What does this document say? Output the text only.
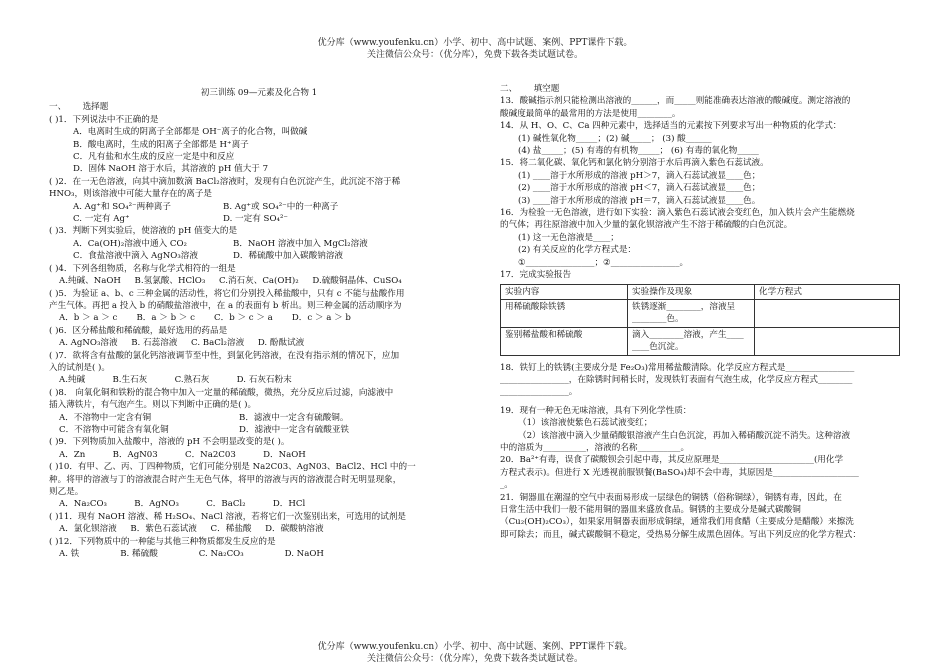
优分库（www.youfenku.cn）小学、初中、高中试题、案例、PPT课件下载。
关注微信公众号：（优分库），免费下载各类试题试卷。
初三训练 09—元素及化合物 1
一、      选择题
( )1．下列说法中不正确的是
A．电离时生成的阴离子全部都是 OH⁻离子的化合物，叫做碱
B．酸电离时，生成的阳离子全部都是 H⁺离子
C．凡有盐和水生成的反应一定是中和反应
D．固体 NaOH 溶于水后，其溶液的 pH 值大于 7
( )2．在一无色溶液，向其中滴加数滴 BaCl₂溶液时，发现有白色沉淀产生，此沉淀不溶于稀
HNO₃，则该溶液中可能大量存在的离子是
A. Ag⁺和 SO₄²⁻两种离子	B. Ag⁺或 SO₄²⁻中的一种离子
C. 一定有 Ag⁺	D. 一定有 SO₄²⁻
( )3．判断下列实验后，使溶液的 pH 值变大的是
A．Ca(OH)₂溶液中通入 CO₂	B．NaOH 溶液中加入 MgCl₂溶液
C．食盐溶液中滴入 AgNO₃溶液	D．稀硫酸中加入碳酸钠溶液
( )4．下列各组物质，名称与化学式相符的一组是
A.纯碱、NaOH     B.氢氯酸、HClO₃     C.消石灰、Ca(OH)₂     D.硫酸铜晶体、CuSO₄
( )5．为验证 a、b、c 三种金属的活动性，将它们分别投入稀盐酸中，只有 c 不能与盐酸作用
产生气体。再把 a 投入 b 的硝酸盐溶液中，在 a 的表面有 b 析出。则三种金属的活动顺序为
A．b ＞ a ＞ c       B．a ＞ b ＞ c       C．b ＞ c ＞ a       D．c ＞ a ＞ b
( )6．区分稀盐酸和稀硫酸，最好选用的药品是
A. AgNO₃溶液     B. 石蕊溶液     C. BaCl₂溶液     D. 酚酞试液
( )7．欲将含有盐酸的氯化钙溶液调节至中性，到氯化钙溶液，在没有指示剂的情况下，应加
入的试剂是( )。
A.纯碱          B.生石灰          C.熟石灰          D. 石灰石粉末
( )8． 向氧化铜和铁粉的混合物中加入一定量的稀硫酸，微热，充分反应后过滤，向滤液中
插入薄铁片，有气泡产生。则以下判断中正确的是( )。
A．不溶物中一定含有铜	B．滤液中一定含有硫酸铜。
C．不溶物中可能含有氧化铜	D．滤液中一定含有硫酸亚铁
( )9．下列物质加入盐酸中，溶液的 pH 不会明显改变的是( )。
A．Zn          B．AgN03          C．Na2C03          D．NaOH
( )10．有甲、乙、丙、丁四种物质，它们可能分别是 Na2C03、AgN03、BaCl2、HCl 中的一
种。将甲的溶液与丁的溶液混合时产生无色气体，将甲的溶液与丙的溶液混合时无明显现象，
则乙是。
A．Na₂CO₃          B．AgNO₃          C．BaCl₂          D．HCl
( )11．现有 NaOH 溶液、稀 H₂SO₄、NaCl 溶液，若将它们一次鉴别出来，可选用的试剂是
A．氯化钡溶液     B．紫色石蕊试液     C．稀盐酸     D．碳酸钠溶液
( )12．下列物质中的一种能与其他三种物质都发生反应的是
A. 铁               B. 稀硫酸               C. Na₂CO₃               D. NaOH
二、      填空题
13．酸碱指示剂只能检测出溶液的______，而_____则能准确表达溶液的酸碱度。测定溶液的
酸碱度最简单的最常用的方法是使用________。
14．从 H、O、C、Ca 四种元素中，选择适当的元素按下列要求写出一种物质的化学式：
(1) 碱性氧化物_____；(2) 碱_____； (3) 酸______
(4) 盐_____；(5) 有毒的有机物_____； (6) 有毒的氧化物_____
15．将二氧化碳、氧化钙和氯化钠分别溶于水后再滴入紫色石蕊试液。
(1) ____溶于水所形成的溶液 pH＞7，滴入石蕊试液显____色；
(2) ____溶于水所形成的溶液 pH＜7，滴入石蕊试液显____色；
(3) ____溶于水所形成的溶液 pH＝7，滴入石蕊试液显____色。
16．为检验一无色溶液，进行如下实验：滴入紫色石蕊试液会变红色，加入铁片会产生能燃烧
的气体；再往原溶液中加入少量的氯化钡溶液产生不溶于稀硫酸的白色沉淀。
(1) 这一无色溶液是____；
(2) 有关反应的化学方程式是：
①________________；②________________。
17．完成实验报告
实验内容	实验操作及现象	化学方程式
用稀硫酸除铁锈	铁锈逐渐________，溶液呈
________色。	

鉴别稀盐酸和稀硫酸	滴入________溶液，产生____
____色沉淀。	

18．铁钉上的铁锈(主要成分是 Fe₂O₃)常用稀盐酸清除。化学反应方程式是________________
________________，在除锈时间稍长时，发现铁钉表面有气泡生成，化学反应方程式________
________________。
19．现有一种无色无味溶液，具有下列化学性质：
（1）该溶液使紫色石蕊试液变红；
（2）该溶液中滴入少量硝酸银溶液产生白色沉淀，再加入稀硝酸沉淀不消失。这种溶液
中的溶质为__________，溶液的名称__________。
20．Ba²⁺有毒，误食了碳酸钡会引起中毒，其反应原理是______________________(用化学
方程式表示)。但进行 X 光透视前服钡餐(BaSO₄)却不会中毒，其原因是____________________
_。
21．铜器皿在潮湿的空气中表面易形成一层绿色的铜锈（俗称铜绿），铜锈有毒，因此，在
日常生活中我们一般不能用铜的器皿来盛放食品。铜锈的主要成分是碱式碳酸铜
（Cu₂(OH)₂CO₃），如果家用铜器表面形成铜绿，通常我们用食醋（主要成分是醋酸）来擦洗
即可除去；而且，碱式碳酸铜不稳定，受热易分解生成黑色固体。写出下列反应的化学方程式：
优分库（www.youfenku.cn）小学、初中、高中试题、案例、PPT课件下载。
关注微信公众号：（优分库），免费下载各类试题试卷。
